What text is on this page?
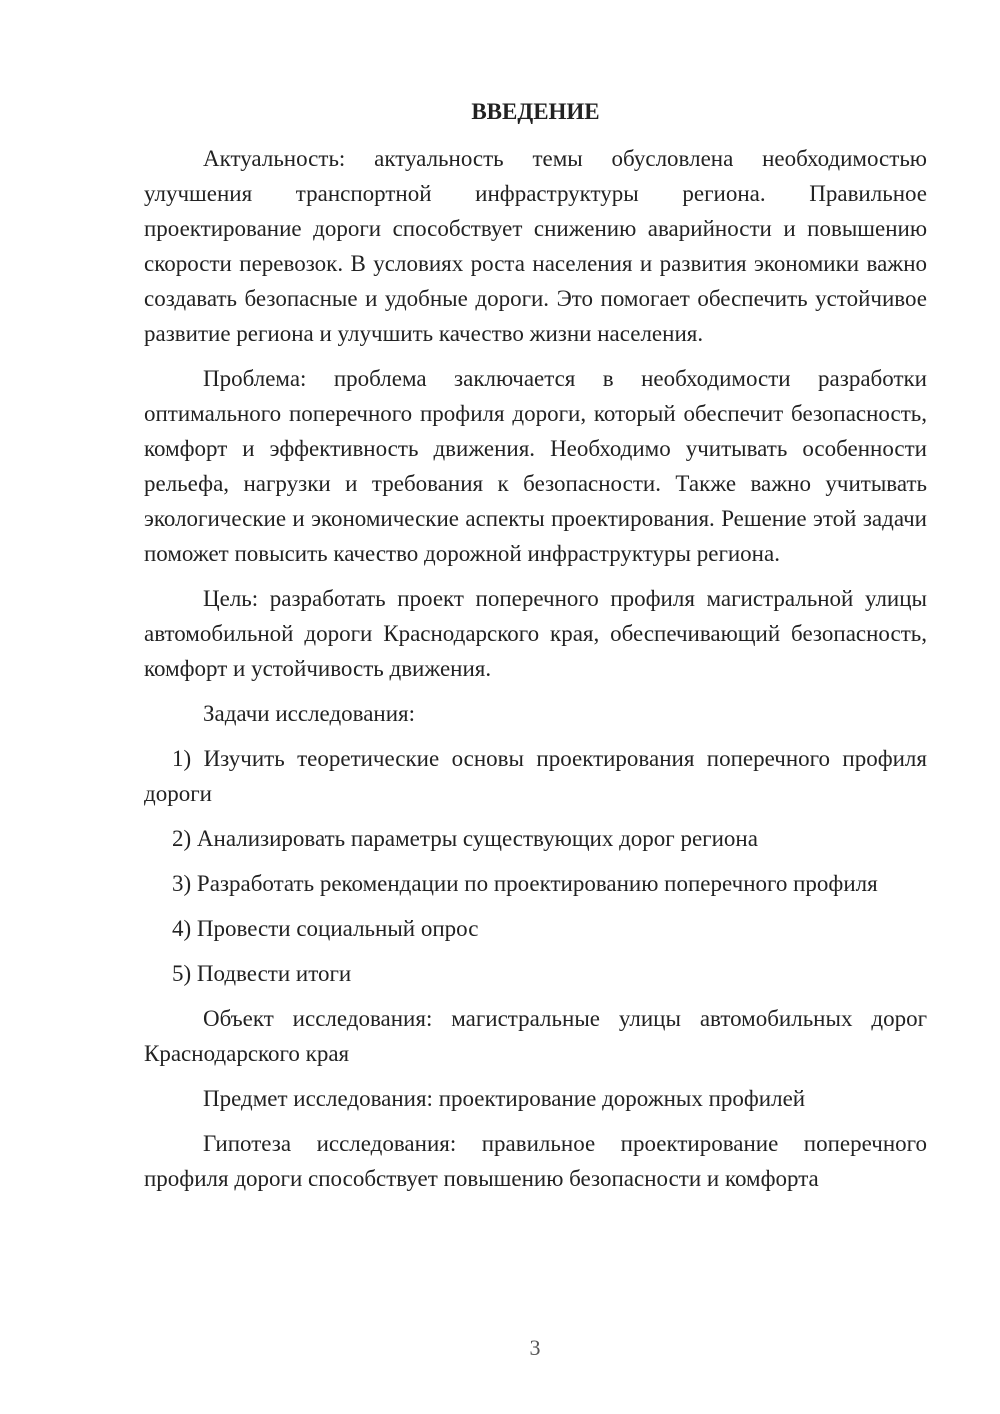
ВВЕДЕНИЕ

Актуальность: актуальность темы обусловлена необходимостью улучшения транспортной инфраструктуры региона. Правильное проектирование дороги способствует снижению аварийности и повышению скорости перевозок. В условиях роста населения и развития экономики важно создавать безопасные и удобные дороги. Это помогает обеспечить устойчивое развитие региона и улучшить качество жизни населения.

Проблема: проблема заключается в необходимости разработки оптимального поперечного профиля дороги, который обеспечит безопасность, комфорт и эффективность движения. Необходимо учитывать особенности рельефа, нагрузки и требования к безопасности. Также важно учитывать экологические и экономические аспекты проектирования. Решение этой задачи поможет повысить качество дорожной инфраструктуры региона.

Цель: разработать проект поперечного профиля магистральной улицы автомобильной дороги Краснодарского края, обеспечивающий безопасность, комфорт и устойчивость движения.

Задачи исследования:

1) Изучить теоретические основы проектирования поперечного профиля дороги

2) Анализировать параметры существующих дорог региона

3) Разработать рекомендации по проектированию поперечного профиля

4) Провести социальный опрос

5) Подвести итоги

Объект исследования: магистральные улицы автомобильных дорог Краснодарского края

Предмет исследования: проектирование дорожных профилей

Гипотеза исследования: правильное проектирование поперечного профиля дороги способствует повышению безопасности и комфорта

3
